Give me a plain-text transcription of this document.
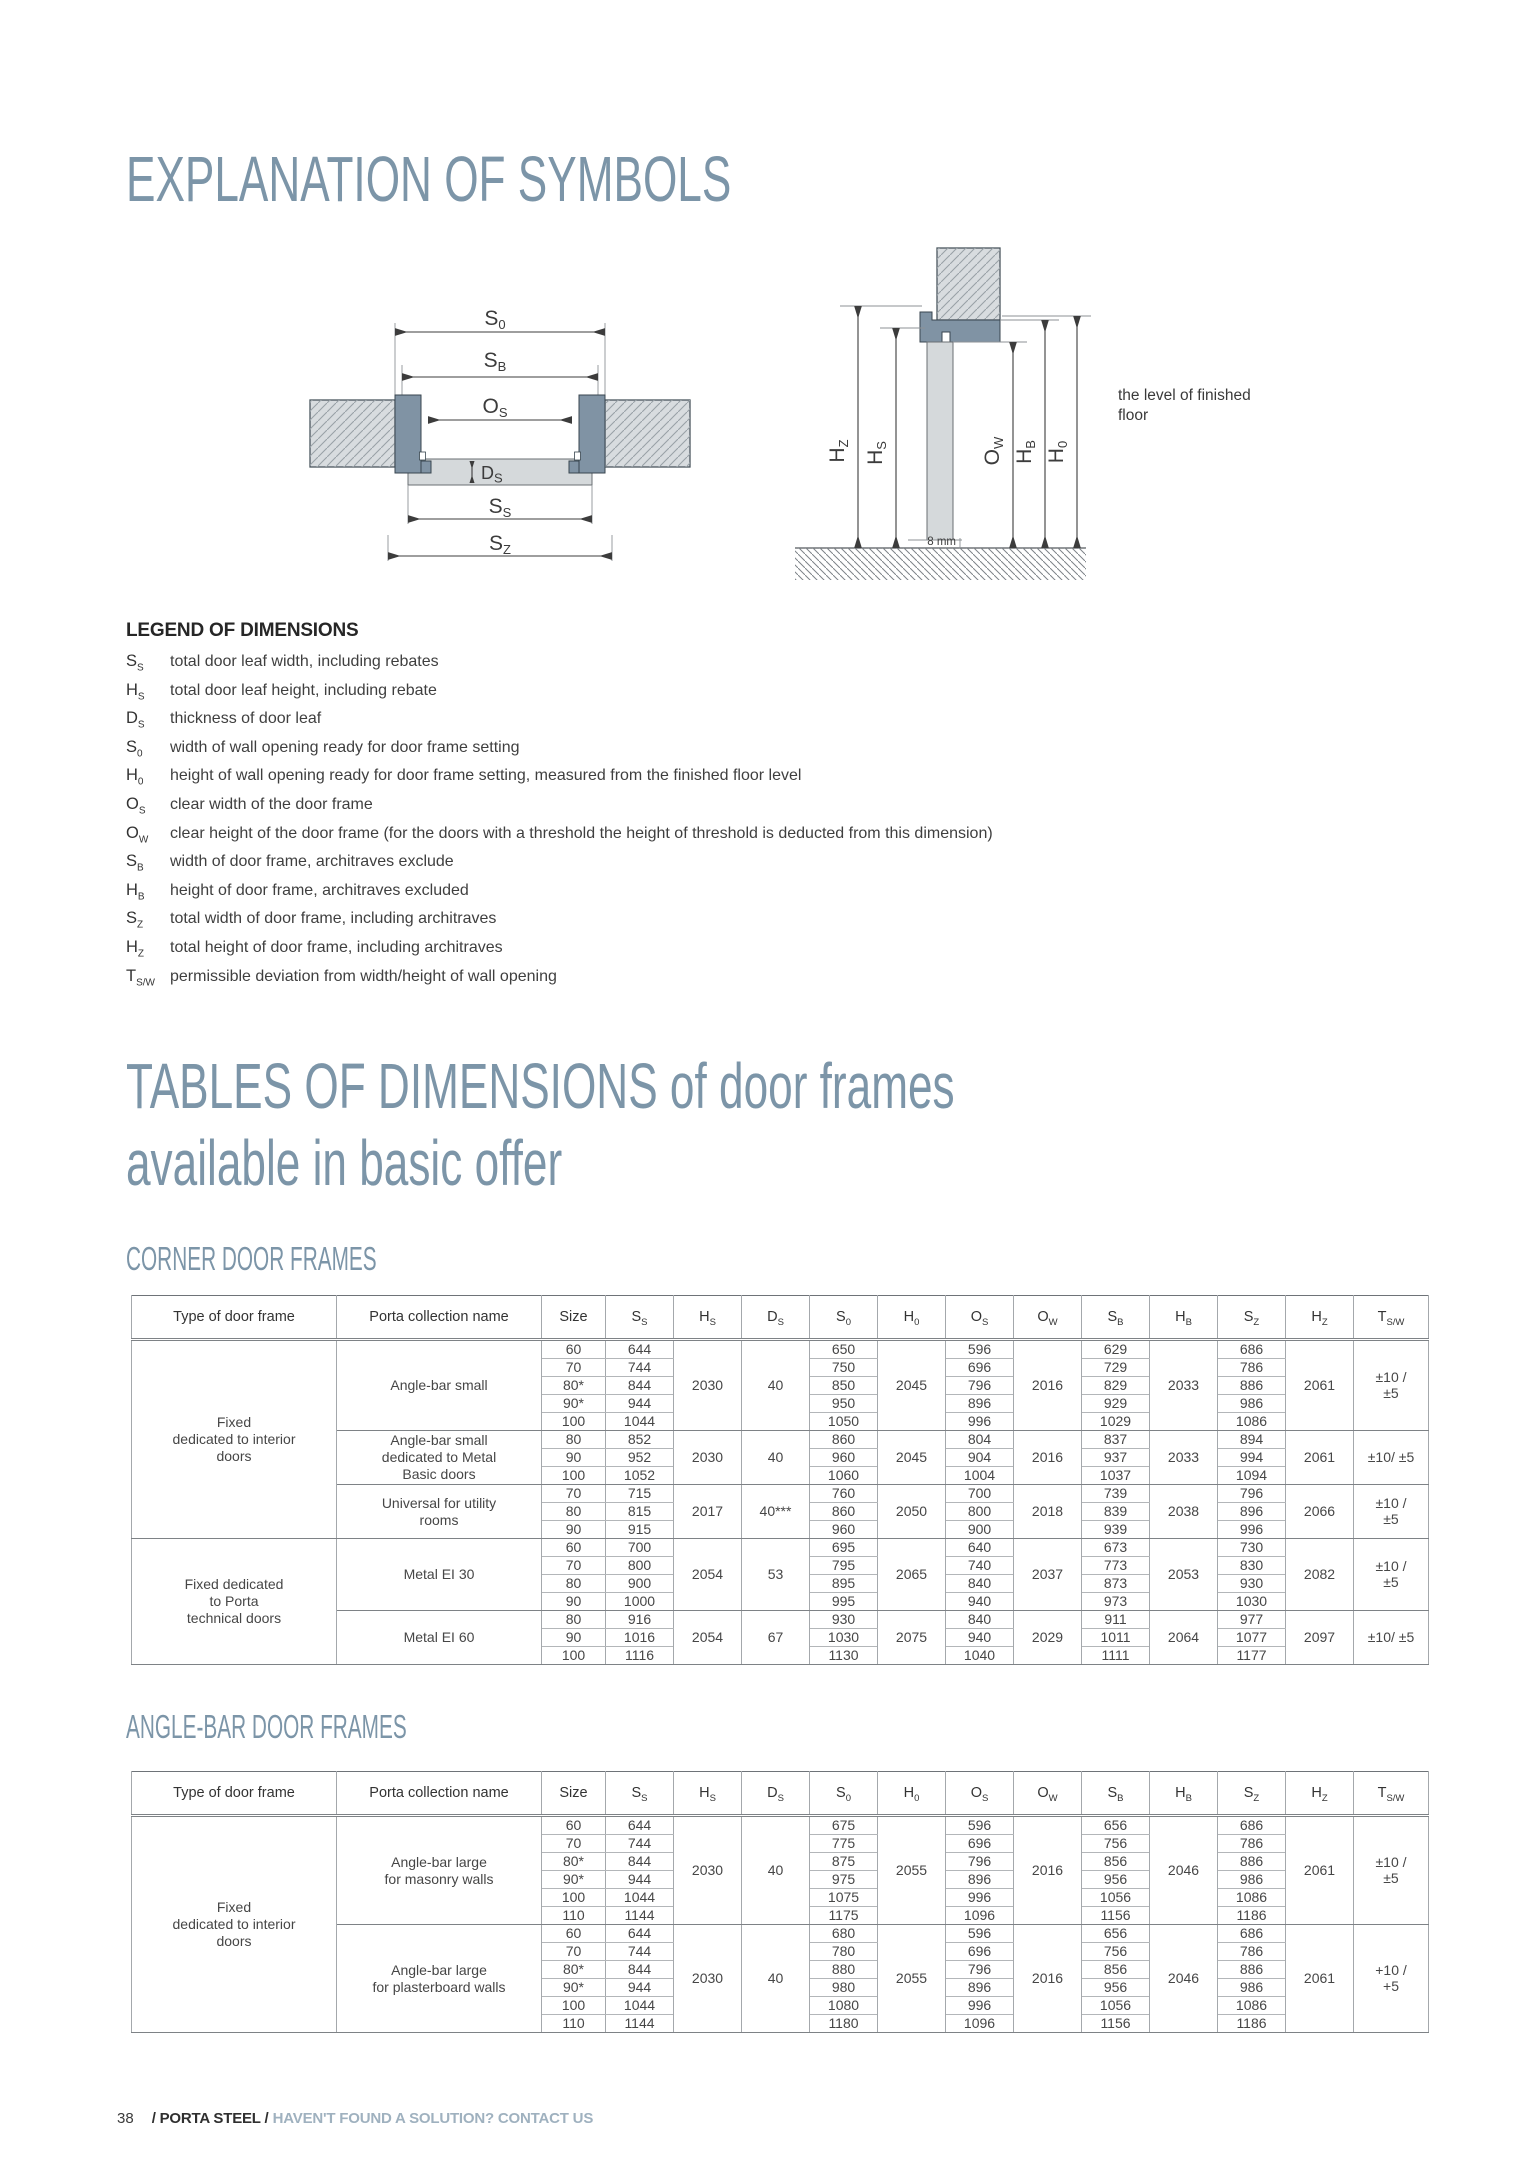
EXPLANATION OF SYMBOLS
S0
SB
OS
DS
SS
SZ
HZ
HS
OW
HB
H0
8 mm
the level of finished floor
LEGEND OF DIMENSIONS
$S_S$	total door leaf width, including rebates
$H_S$	total door leaf height, including rebate
$D_S$	thickness of door leaf
$S_0$	width of wall opening ready for door frame setting
$H_0$	height of wall opening ready for door frame setting, measured from the finished floor level
$O_S$	clear width of the door frame
$O_W$	clear height of the door frame (for the doors with a threshold the height of threshold is deducted from this dimension)
$S_B$	width of door frame, architraves exclude
$H_B$	height of door frame, architraves excluded
$S_Z$	total width of door frame, including architraves
$H_Z$	total height of door frame, including architraves
$T_{S/W}$ permissible deviation from width/height of wall opening
TABLES OF DIMENSIONS of door frames
available in basic offer
CORNER DOOR FRAMES
Type of door frame	Porta collection name	Size	$S_S$	$H_S$	$D_S$	$S_0$	$H_0$	$O_S$	$O_W$	$S_B$	$H_B$	$S_Z$	$H_Z$	$T_{S/W}$
Fixed
dedicated to interior
doors	Angle-bar small	60	644	2030	40	650	2045	596	2016	629	2033	686	2061	±10 / ±5
		70	744			750		696		729		786		
		80*	844			850		796		829		886		
		90*	944			950		896		929		986		
		100	1044			1050		996		1029		1086		
	Angle-bar small
dedicated to Metal
Basic doors	80	852	2030	40	860	2045	804	2016	837	2033	894	2061	±10/ ±5
		90	952			960		904		937		994		
		100	1052			1060		1004		1037		1094		
	Universal for utility
rooms	70	715	2017	40***	760	2050	700	2018	739	2038	796	2066	±10 / ±5
		80	815			860		800		839		896		
		90	915			960		900		939		996		
Fixed dedicated
to Porta
technical doors	Metal EI 30	60	700	2054	53	695	2065	640	2037	673	2053	730	2082	±10 / ±5
		70	800			795		740		773		830		
		80	900			895		840		873		930		
		90	1000			995		940		973		1030		
	Metal EI 60	80	916	2054	67	930	2075	840	2029	911	2064	977	2097	±10/ ±5
		90	1016			1030		940		1011		1077		
		100	1116			1130		1040		1111		1177		
ANGLE-BAR DOOR FRAMES
Type of door frame	Porta collection name	Size	$S_S$	$H_S$	$D_S$	$S_0$	$H_0$	$O_S$	$O_W$	$S_B$	$H_B$	$S_Z$	$H_Z$	$T_{S/W}$
Fixed
dedicated to interior
doors	Angle-bar large
for masonry walls	60	644	2030	40	675	2055	596	2016	656	2046	686	2061	±10 / ±5
		70	744			775		696		756		786		
		80*	844			875		796		856		886		
		90*	944			975		896		956		986		
		100	1044			1075		996		1056		1086		
		110	1144			1175		1096		1156		1186		
	Angle-bar large
for plasterboard walls	60	644	2030	40	680	2055	596	2016	656	2046	686	2061	+10 / +5
		70	744			780		696		756		786		
		80*	844			880		796		856		886		
		90*	944			980		896		956		986		
		100	1044			1080		996		1056		1086		
		110	1144			1180		1096		1156		1186		
38 / PORTA STEEL / HAVEN'T FOUND A SOLUTION? CONTACT US
